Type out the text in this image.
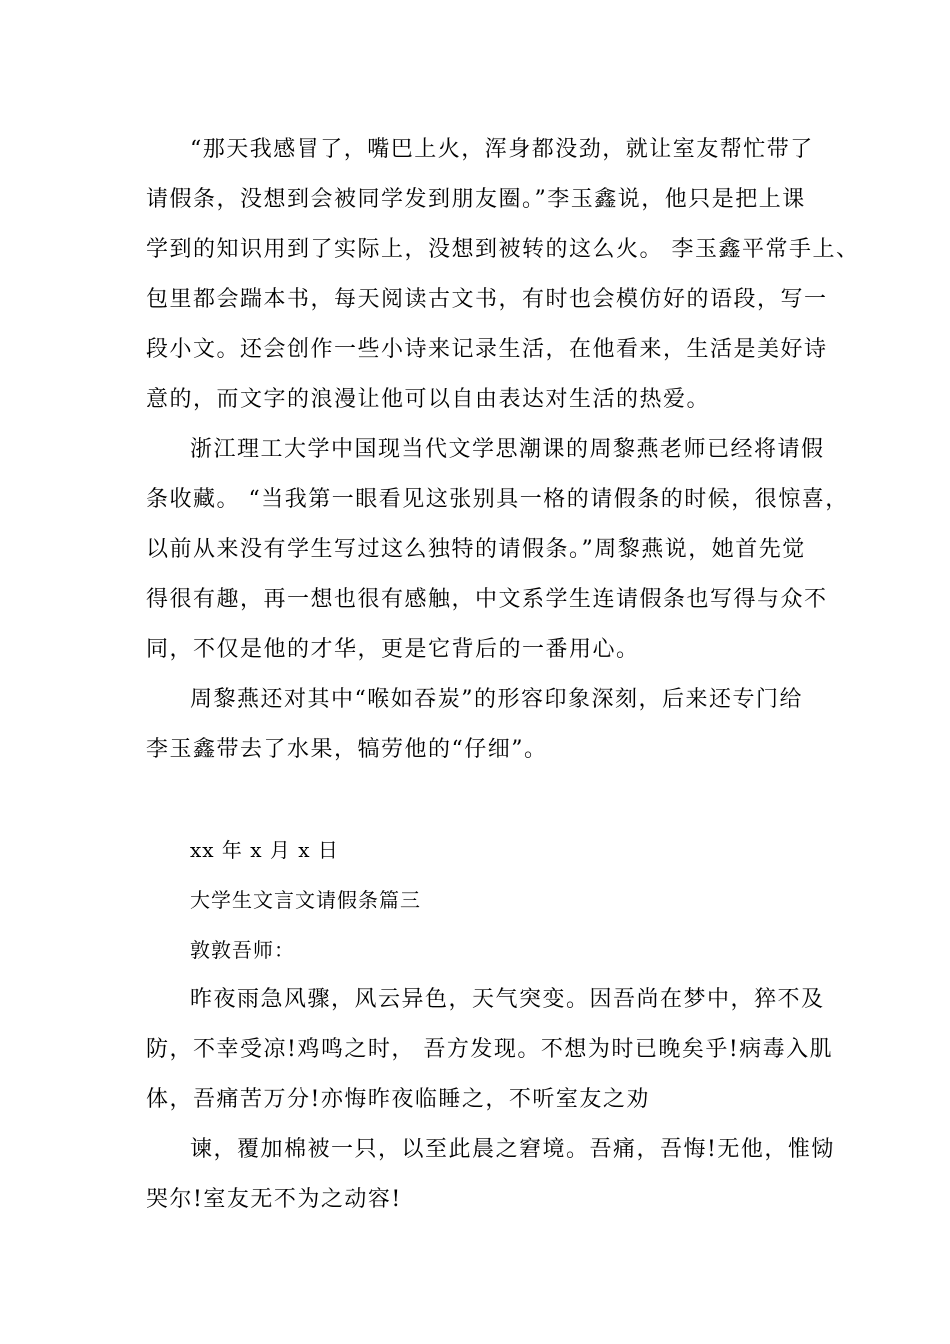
“那天我感冒了，嘴巴上火，浑身都没劲，就让室友帮忙带了
请假条，没想到会被同学发到朋友圈。”李玉鑫说，他只是把上课
学到的知识用到了实际上，没想到被转的这么火。 李玉鑫平常手上、
包里都会踹本书，每天阅读古文书，有时也会模仿好的语段，写一
段小文。还会创作一些小诗来记录生活，在他看来，生活是美好诗
意的，而文字的浪漫让他可以自由表达对生活的热爱。
浙江理工大学中国现当代文学思潮课的周黎燕老师已经将请假
条收藏。 “当我第一眼看见这张别具一格的请假条的时候，很惊喜，
以前从来没有学生写过这么独特的请假条。”周黎燕说，她首先觉
得很有趣，再一想也很有感触，中文系学生连请假条也写得与众不
同，不仅是他的才华，更是它背后的一番用心。
周黎燕还对其中“喉如吞炭”的形容印象深刻，后来还专门给
李玉鑫带去了水果，犒劳他的“仔细”。
xx 年 x 月 x 日
大学生文言文请假条篇三
敦敦吾师：
昨夜雨急风骤，风云异色，天气突变。因吾尚在梦中，猝不及
防，不幸受凉!鸡鸣之时， 吾方发现。不想为时已晚矣乎!病毒入肌
体，吾痛苦万分!亦悔昨夜临睡之，不听室友之劝
谏，覆加棉被一只，以至此晨之窘境。吾痛，吾悔!无他，惟恸
哭尔!室友无不为之动容!
